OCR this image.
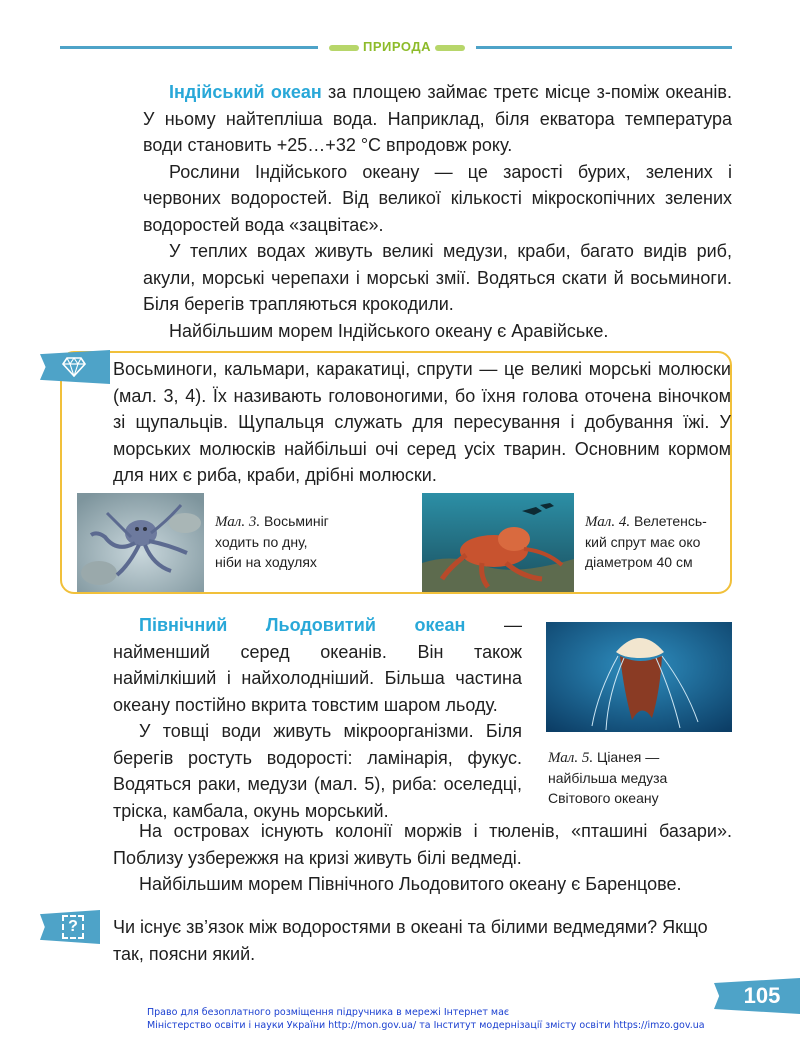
ПРИРОДА

Індійський океан за площею займає третє місце з-поміж океанів. У ньому найтепліша вода. Наприклад, біля екватора температура води становить +25…+32 °С впродовж року.

Рослини Індійського океану — це зарості бурих, зелених і червоних водоростей. Від великої кількості мікроскопічних зелених водоростей вода «зацвітає».

У теплих водах живуть великі медузи, краби, багато видів риб, акули, морські черепахи і морські змії. Водяться скати й восьминоги. Біля берегів трапляються крокодили.

Найбільшим морем Індійського океану є Аравійське.

Восьминоги, кальмари, каракатиці, спрути — це великі морські молюски (мал. 3, 4). Їх називають головоногими, бо їхня голова оточена віночком зі щупальців. Щупальця служать для пересування і добування їжі. У морських молюсків найбільші очі серед усіх тварин. Основним кормом для них є риба, краби, дрібні молюски.
Мал. 3. Восьминіг
ходить по дну,
ніби на ходулях
Мал. 4. Велетенсь-
кий спрут має око
діаметром 40 см

Північний Льодовитий океан — найменший серед океанів. Він також наймілкіший і найхолодніший. Більша частина океану постійно вкрита товстим шаром льоду.

У товщі води живуть мікроорганізми. Біля берегів ростуть водорості: ламінарія, фукус. Водяться раки, медузи (мал. 5), риба: оселедці, тріска, камбала, окунь морський.

Мал. 5. Ціанея —
найбільша медуза
Світового океану

На островах існують колонії моржів і тюленів, «пташині базари». Поблизу узбережжя на кризі живуть білі ведмеді.

Найбільшим морем Північного Льодовитого океану є Баренцове.

?	Чи існує зв’язок між водоростями в океані та білими ведмедями? Якщо так, поясни який.
105
Право для безоплатного розміщення підручника в мережі Інтернет має
Міністерство освіти і науки України http://mon.gov.ua/ та Інститут модернізації змісту освіти https://imzo.gov.ua
